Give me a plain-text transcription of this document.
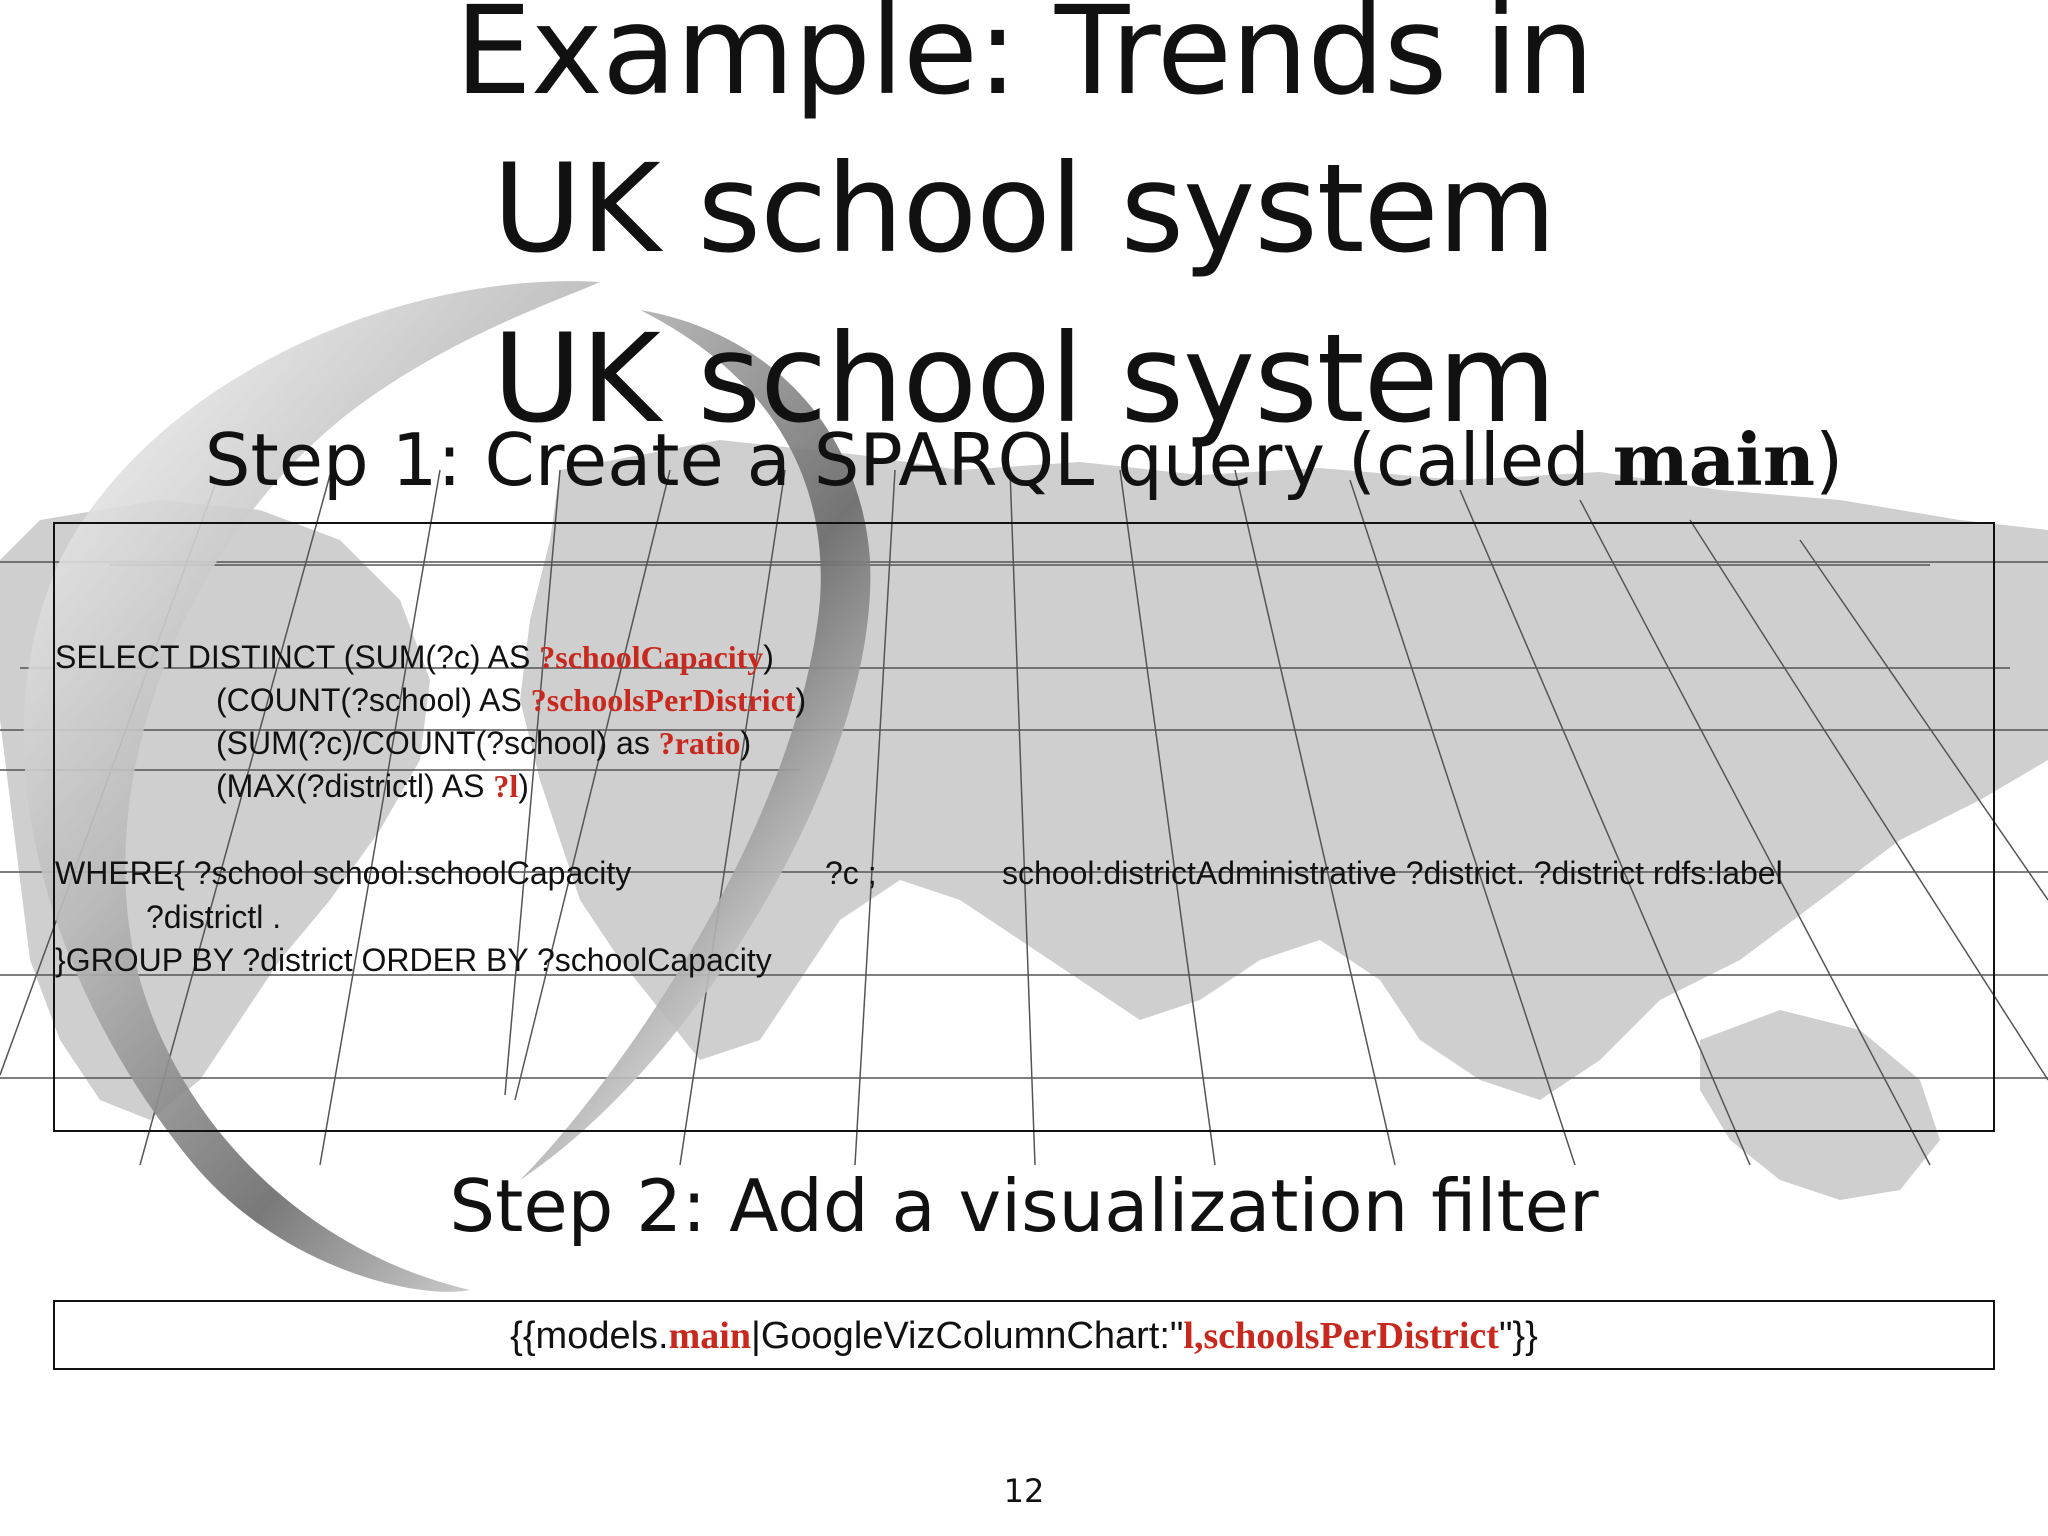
Example: Trends in
UK school system
UK school system
Step 1: Create a SPARQL query (called main)
SELECT DISTINCT (SUM(?c) AS ?schoolCapacity)
(COUNT(?school) AS ?schoolsPerDistrict)
(SUM(?c)/COUNT(?school) as ?ratio)
(MAX(?districtl) AS ?l)
WHERE{ ?school school:schoolCapacity	?c ;	school:districtAdministrative ?district. ?district rdfs:label
?districtl .
}GROUP BY ?district ORDER BY ?schoolCapacity
Step 2: Add a visualization filter
{{models.main|GoogleVizColumnChart:"l,schoolsPerDistrict"}}
12
